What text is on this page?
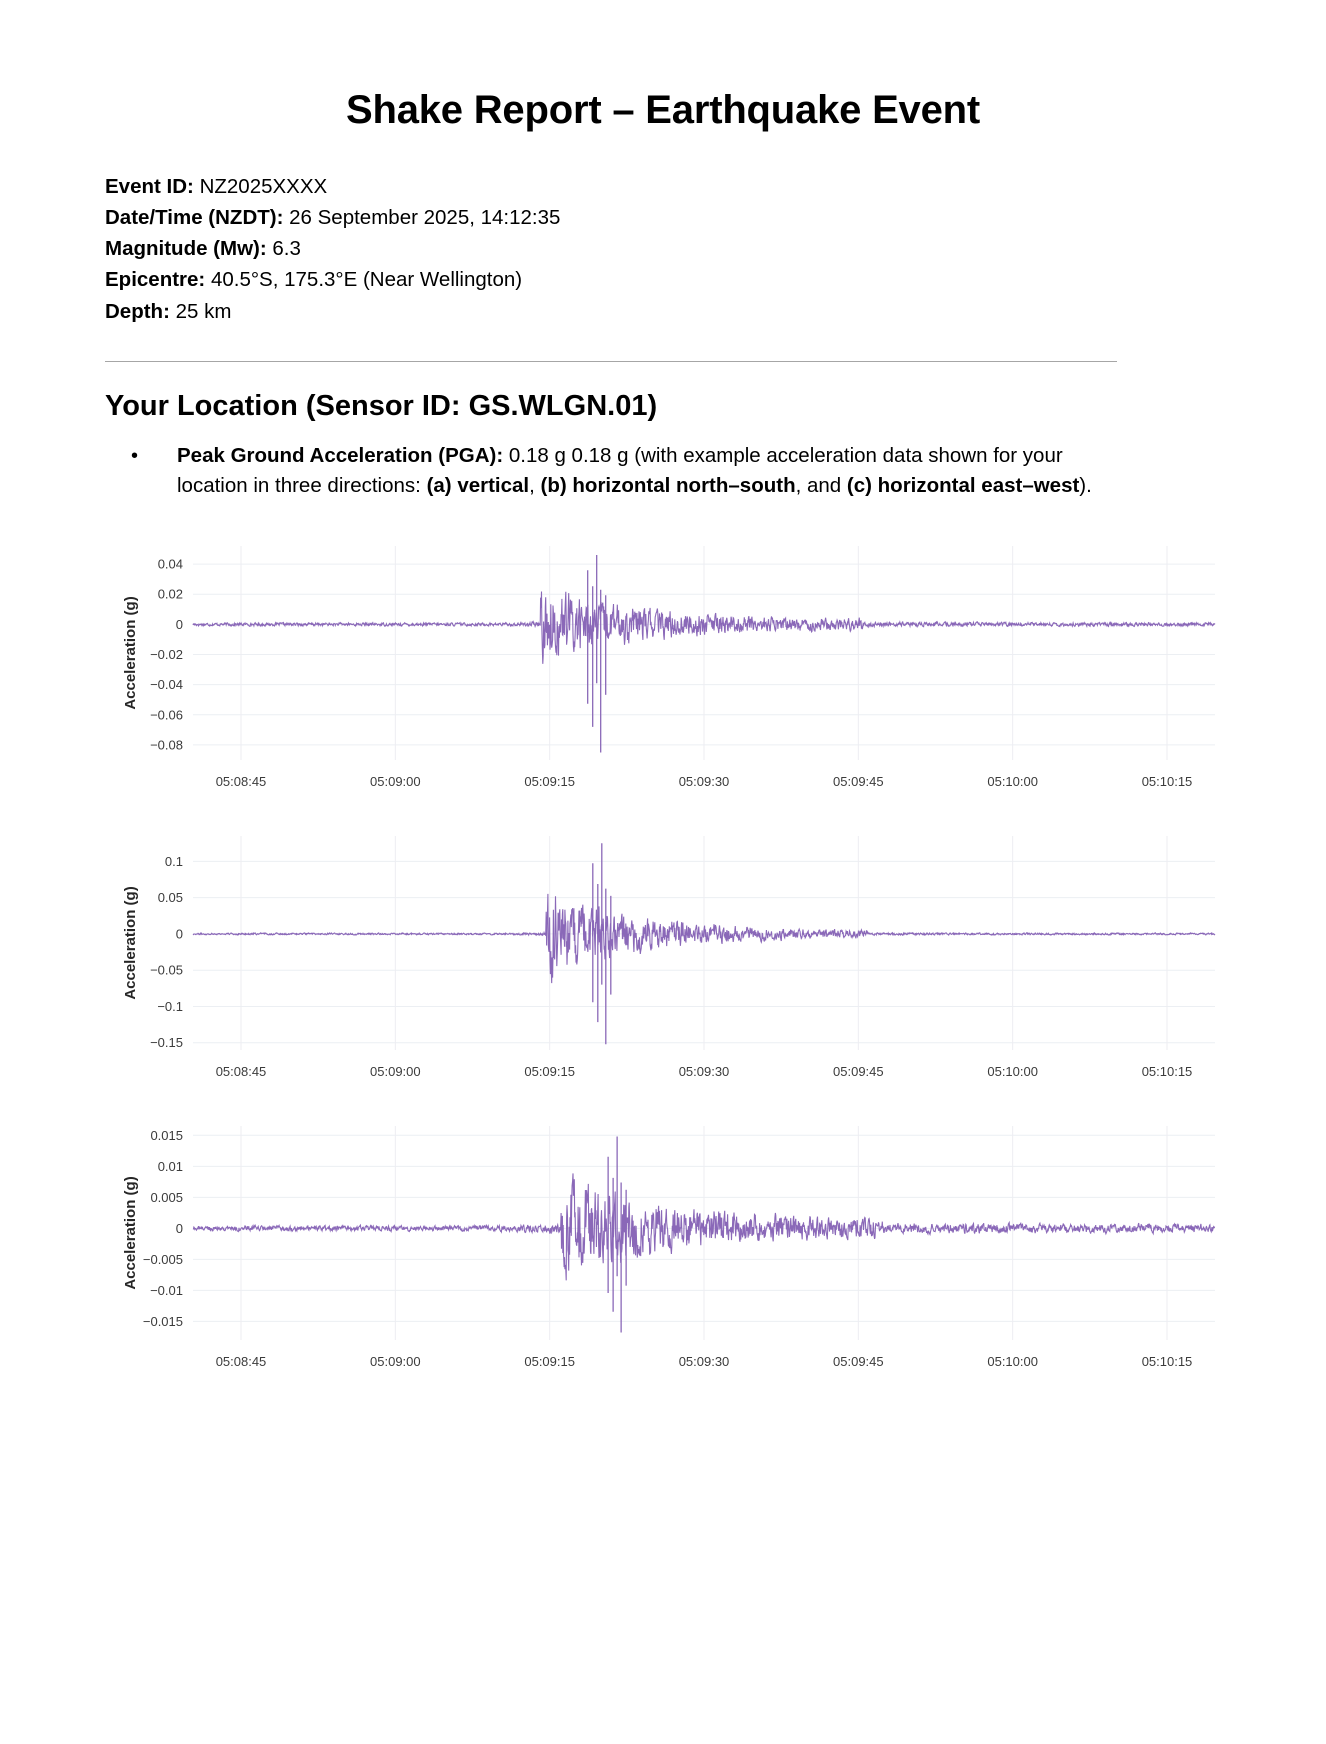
Shake Report – Earthquake Event
Event ID: NZ2025XXXX
Date/Time (NZDT): 26 September 2025, 14:12:35
Magnitude (Mw): 6.3
Epicentre: 40.5°S, 175.3°E (Near Wellington)
Depth: 25 km
Your Location (Sensor ID: GS.WLGN.01)
• Peak Ground Acceleration (PGA): 0.18 g 0.18 g (with example acceleration data shown for your location in three directions: (a) vertical, (b) horizontal north–south, and (c) horizontal east–west).
0.04
0.02
0
−0.02
−0.04
−0.06
−0.08
05:08:45	05:09:00	05:09:15	05:09:30	05:09:45	05:10:00	05:10:15
Acceleration (g)
0.1
0.05
0
−0.05
−0.1
−0.15
05:08:45	05:09:00	05:09:15	05:09:30	05:09:45	05:10:00	05:10:15
Acceleration (g)
0.015
0.01
0.005
0
−0.005
−0.01
−0.015
05:08:45	05:09:00	05:09:15	05:09:30	05:09:45	05:10:00	05:10:15
Acceleration (g)
